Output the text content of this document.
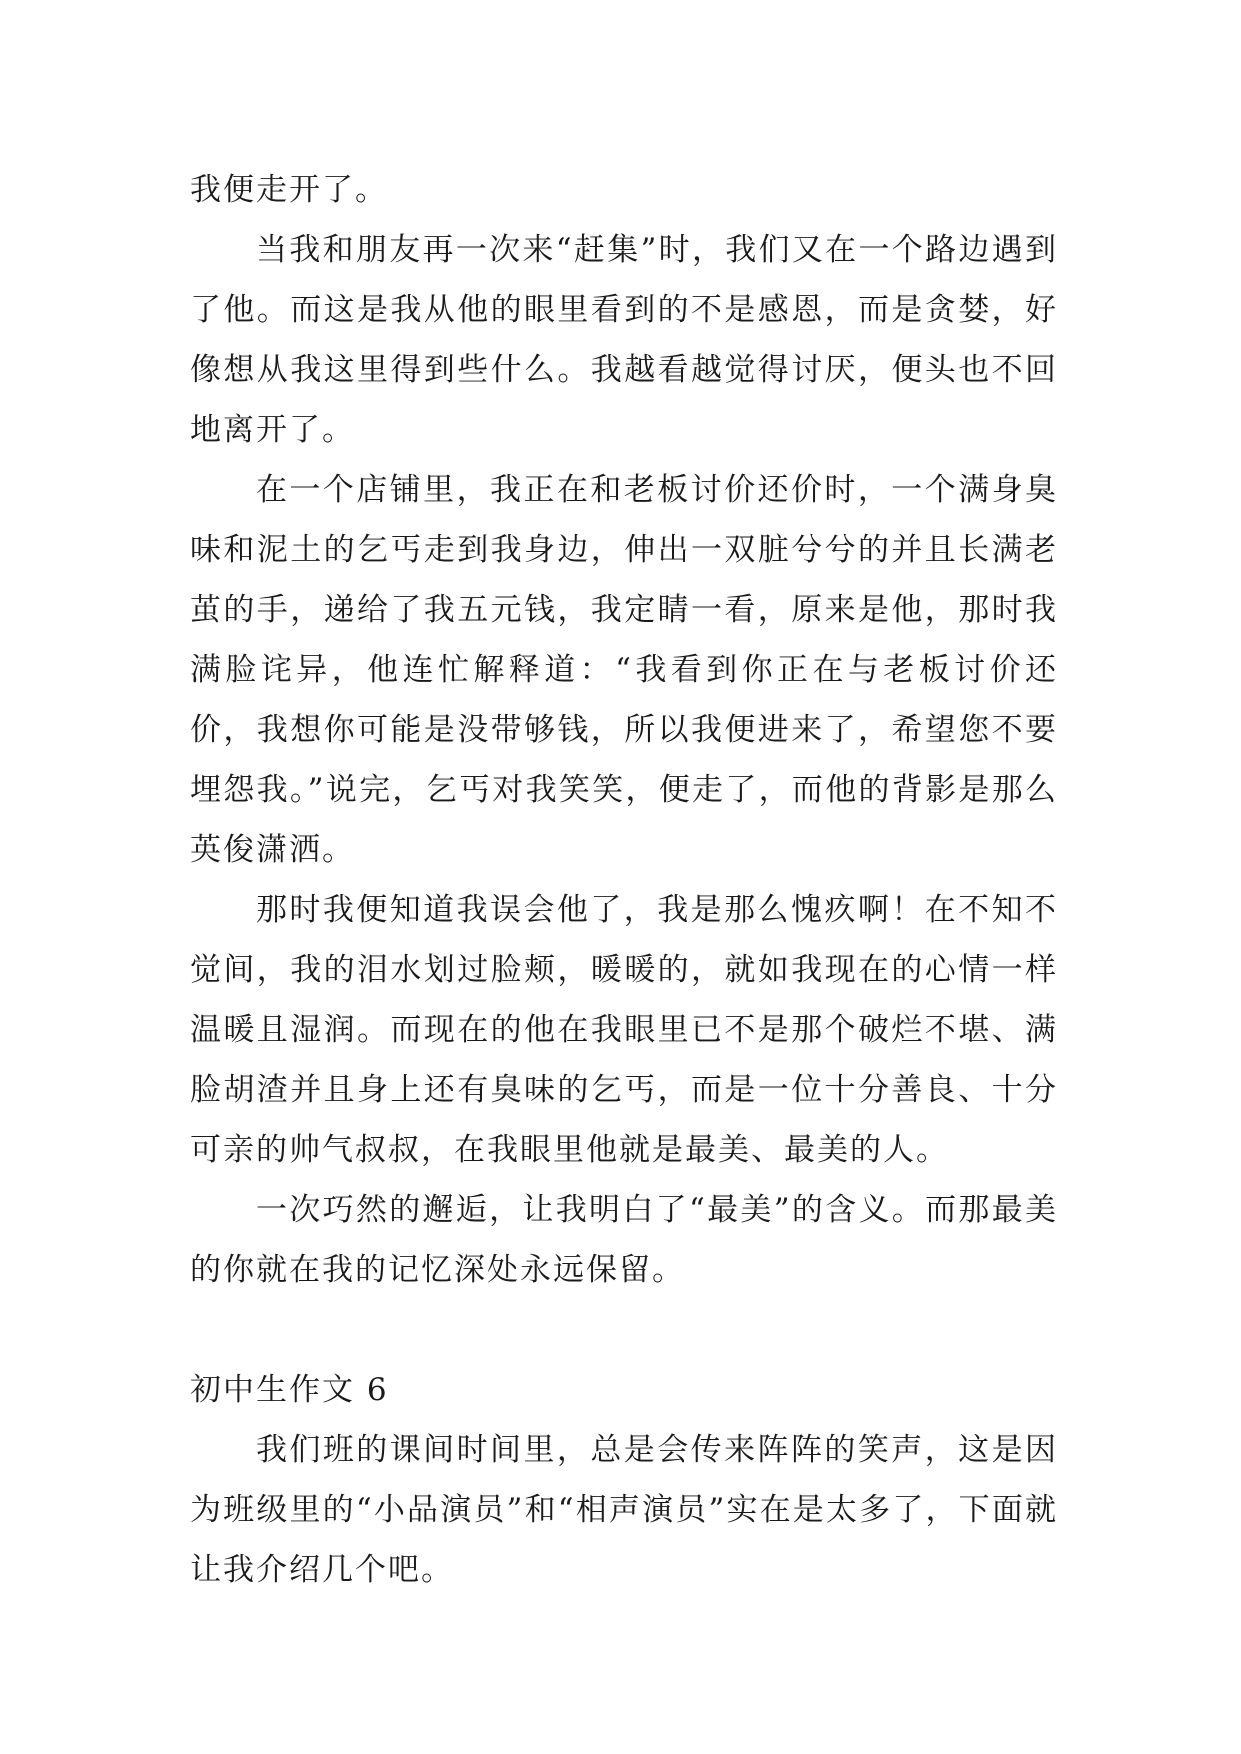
我便走开了。

当我和朋友再一次来“赶集”时，我们又在一个路边遇到了他。而这是我从他的眼里看到的不是感恩，而是贪婪，好像想从我这里得到些什么。我越看越觉得讨厌，便头也不回地离开了。

在一个店铺里，我正在和老板讨价还价时，一个满身臭味和泥土的乞丐走到我身边，伸出一双脏兮兮的并且长满老茧的手，递给了我五元钱，我定睛一看，原来是他，那时我满脸诧异，他连忙解释道：“我看到你正在与老板讨价还价，我想你可能是没带够钱，所以我便进来了，希望您不要埋怨我。”说完，乞丐对我笑笑，便走了，而他的背影是那么英俊潇洒。

那时我便知道我误会他了，我是那么愧疚啊！在不知不觉间，我的泪水划过脸颊，暖暖的，就如我现在的心情一样温暖且湿润。而现在的他在我眼里已不是那个破烂不堪、满脸胡渣并且身上还有臭味的乞丐，而是一位十分善良、十分可亲的帅气叔叔，在我眼里他就是最美、最美的人。

一次巧然的邂逅，让我明白了“最美”的含义。而那最美的你就在我的记忆深处永远保留。

初中生作文 6

我们班的课间时间里，总是会传来阵阵的笑声，这是因为班级里的“小品演员”和“相声演员”实在是太多了，下面就让我介绍几个吧。
